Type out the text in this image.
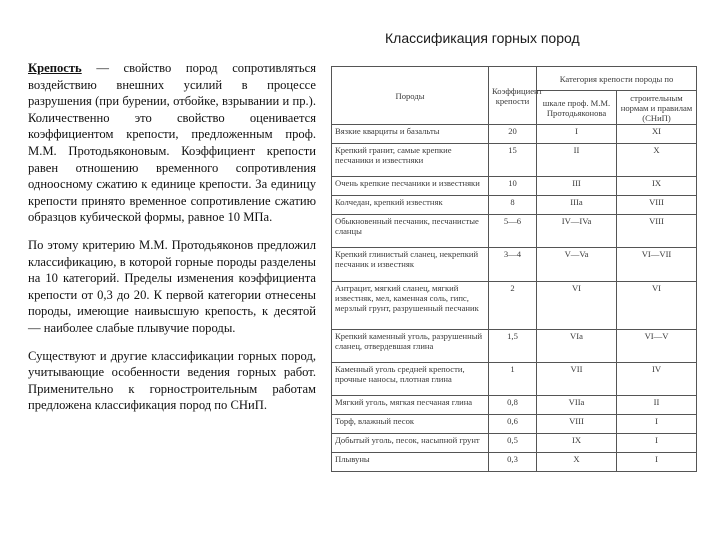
Классификация горных пород

Крепость — свойство пород сопротивляться воздействию внешних усилий в процессе разрушения (при бурении, отбойке, взрывании и пр.). Количественно это свойство оценивается коэффициентом крепости, предложенным проф. М.М. Протодьяконовым. Коэффициент крепости равен отношению временного сопротивления одноосному сжатию к единице крепости. За единицу крепости принято временное сопротивление сжатию образцов кубической формы, равное 10 МПа.

По этому критерию М.М. Протодьяконов предложил классификацию, в которой горные породы разделены на 10 категорий. Пределы изменения коэффициента крепости от 0,3 до 20. К первой категории отнесены породы, имеющие наивысшую крепость, к десятой — наиболее слабые плывучие породы.

Существуют и другие классификации горных пород, учитывающие особенности ведения горных работ. Применительно к горностроительным работам предложена классификация пород по СНиП.

Породы	Коэффициент крепости	Категория крепости породы по	
		шкале проф. М.М. Протодьяконова	строительным нормам и правилам (СНиП)
Вязкие кварциты и базальты	20	I	XI
Крепкий гранит, самые крепкие песчаники и известняки	15	II	X
Очень крепкие песчаники и известняки	10	III	IX
Колчедан, крепкий известняк	8	IIIa	VIII
Обыкновенный песчаник, песчанистые сланцы	5—6	IV—IVa	VIII
Крепкий глинистый сланец, некрепкий песчаник и известняк	3—4	V—Va	VI—VII
Антрацит, мягкий сланец, мягкий известняк, мел, каменная соль, гипс, мерзлый грунт, разрушенный песчаник	2	VI	VI
Крепкий каменный уголь, разрушенный сланец, отвердевшая глина	1,5	VIa	VI—V
Каменный уголь средней крепости, прочные наносы, плотная глина	1	VII	IV
Мягкий уголь, мягкая песчаная глина	0,8	VIIa	II
Торф, влажный песок	0,6	VIII	I
Добытый уголь, песок, насыпной грунт	0,5	IX	I
Плывуны	0,3	X	I
